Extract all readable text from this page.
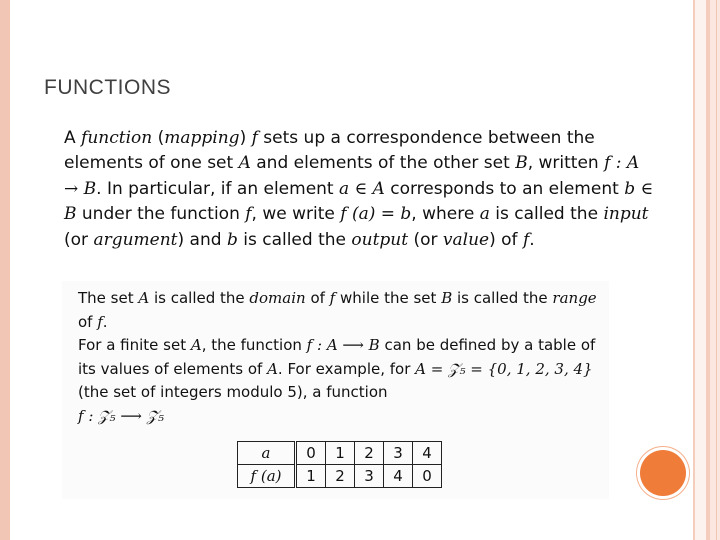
FUNCTIONS

A function (mapping) f sets up a correspondence between the elements of one set A and elements of the other set B, written f : A → B. In particular, if an element a ∈ A corresponds to an element b ∈ B under the function f, we write f (a) = b, where a is called the input (or argument) and b is called the output (or value) of f.

The set A is called the domain of f while the set B is called the range of f.

For a finite set A, the function f : A ⟶ B can be defined by a table of its values of elements of A. For example, for A = 𝒵₅ = {0, 1, 2, 3, 4} (the set of integers modulo 5), a function
f : 𝒵₅ ⟶ 𝒵₅

a	0	1	2	3	4
f (a)	1	2	3	4	0
